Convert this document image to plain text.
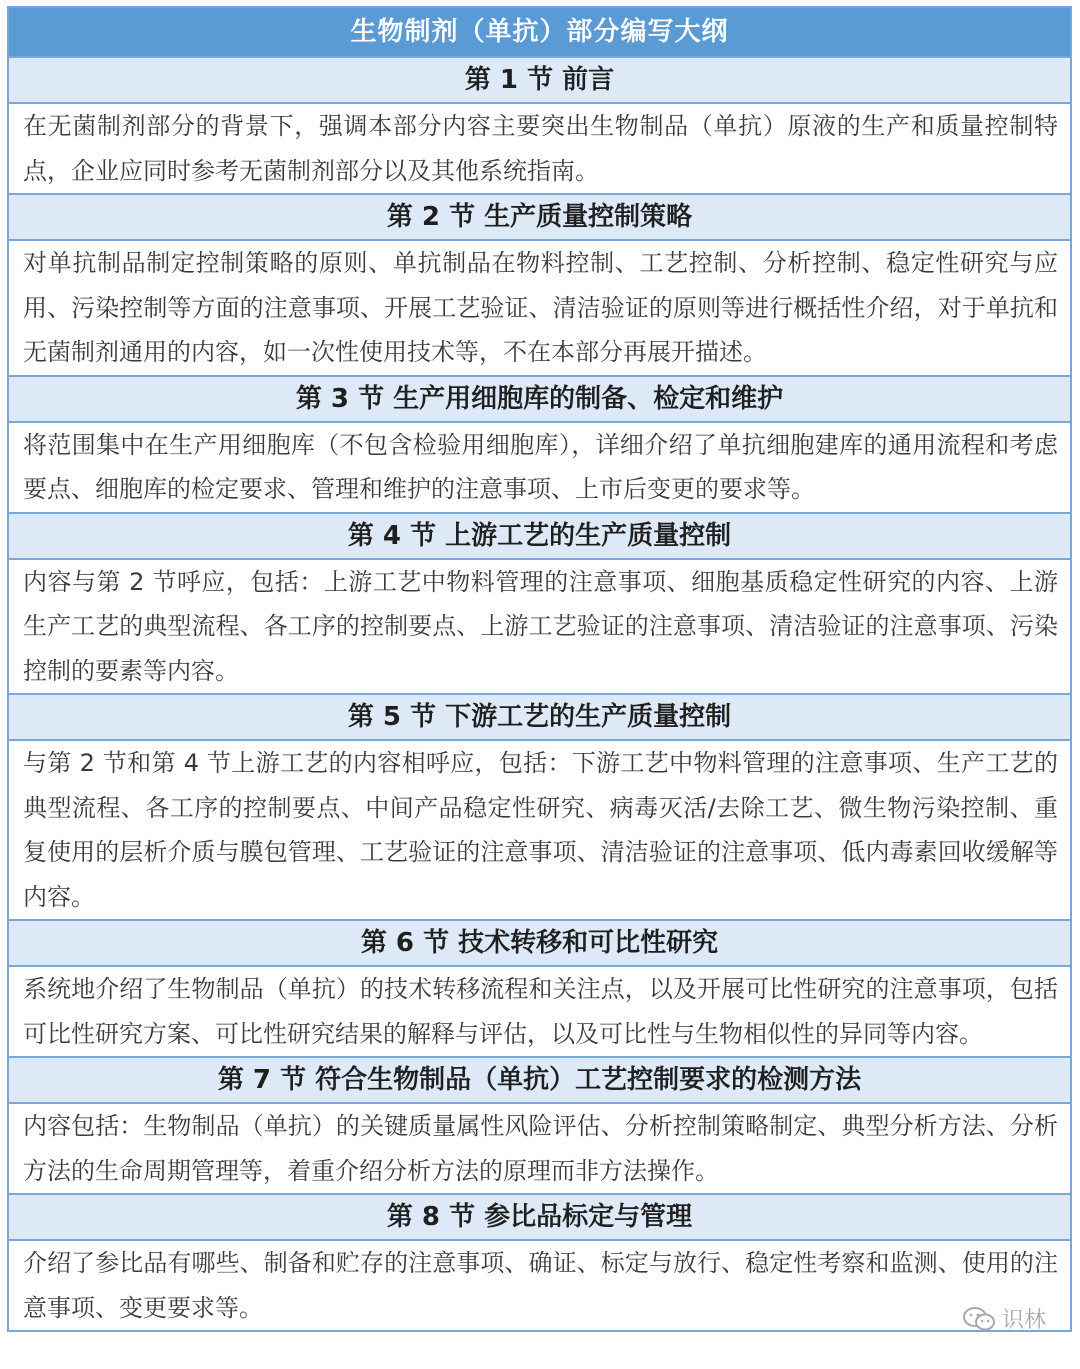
生物制剂（单抗）部分编写大纲
第 1 节 前言
在无菌制剂部分的背景下，强调本部分内容主要突出生物制品（单抗）原液的生产和质量控制特点，企业应同时参考无菌制剂部分以及其他系统指南。
第 2 节 生产质量控制策略
对单抗制品制定控制策略的原则、单抗制品在物料控制、工艺控制、分析控制、稳定性研究与应用、污染控制等方面的注意事项、开展工艺验证、清洁验证的原则等进行概括性介绍，对于单抗和无菌制剂通用的内容，如一次性使用技术等，不在本部分再展开描述。
第 3 节 生产用细胞库的制备、检定和维护
将范围集中在生产用细胞库（不包含检验用细胞库），详细介绍了单抗细胞建库的通用流程和考虑要点、细胞库的检定要求、管理和维护的注意事项、上市后变更的要求等。
第 4 节 上游工艺的生产质量控制
内容与第 2 节呼应，包括：上游工艺中物料管理的注意事项、细胞基质稳定性研究的内容、上游生产工艺的典型流程、各工序的控制要点、上游工艺验证的注意事项、清洁验证的注意事项、污染控制的要素等内容。
第 5 节 下游工艺的生产质量控制
与第 2 节和第 4 节上游工艺的内容相呼应，包括：下游工艺中物料管理的注意事项、生产工艺的典型流程、各工序的控制要点、中间产品稳定性研究、病毒灭活/去除工艺、微生物污染控制、重复使用的层析介质与膜包管理、工艺验证的注意事项、清洁验证的注意事项、低内毒素回收缓解等内容。
第 6 节 技术转移和可比性研究
系统地介绍了生物制品（单抗）的技术转移流程和关注点，以及开展可比性研究的注意事项，包括可比性研究方案、可比性研究结果的解释与评估，以及可比性与生物相似性的异同等内容。
第 7 节 符合生物制品（单抗）工艺控制要求的检测方法
内容包括：生物制品（单抗）的关键质量属性风险评估、分析控制策略制定、典型分析方法、分析方法的生命周期管理等，着重介绍分析方法的原理而非方法操作。
第 8 节 参比品标定与管理
介绍了参比品有哪些、制备和贮存的注意事项、确证、标定与放行、稳定性考察和监测、使用的注意事项、变更要求等。	识林
